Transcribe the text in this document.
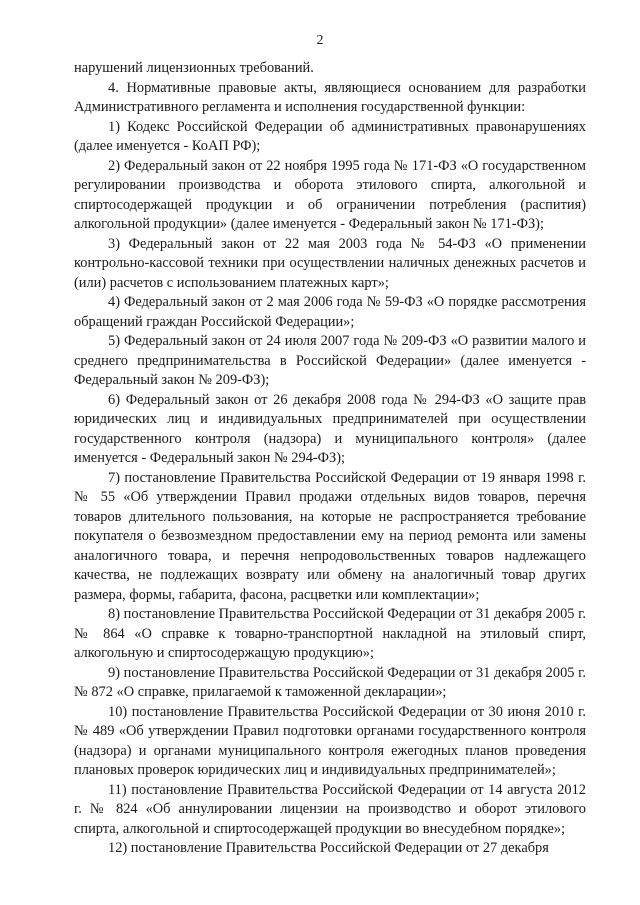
2

нарушений лицензионных требований.

4. Нормативные правовые акты, являющиеся основанием для разработки Административного регламента и исполнения государственной функции:

1) Кодекс Российской Федерации об административных правонарушениях (далее именуется - КоАП РФ);

2) Федеральный закон от 22 ноября 1995 года № 171-ФЗ «О государственном регулировании производства и оборота этилового спирта, алкогольной и спиртосодержащей продукции и об ограничении потребления (распития) алкогольной продукции» (далее именуется - Федеральный закон № 171-ФЗ);

3) Федеральный закон от 22 мая 2003 года № 54-ФЗ «О применении контрольно-кассовой техники при осуществлении наличных денежных расчетов и (или) расчетов с использованием платежных карт»;

4) Федеральный закон от 2 мая 2006 года № 59-ФЗ «О порядке рассмотрения обращений граждан Российской Федерации»;

5) Федеральный закон от 24 июля 2007 года № 209-ФЗ «О развитии малого и среднего предпринимательства в Российской Федерации» (далее именуется - Федеральный закон № 209-ФЗ);

6) Федеральный закон от 26 декабря 2008 года № 294-ФЗ «О защите прав юридических лиц и индивидуальных предпринимателей при осуществлении государственного контроля (надзора) и муниципального контроля» (далее именуется - Федеральный закон № 294-ФЗ);

7) постановление Правительства Российской Федерации от 19 января 1998 г. № 55 «Об утверждении Правил продажи отдельных видов товаров, перечня товаров длительного пользования, на которые не распространяется требование покупателя о безвозмездном предоставлении ему на период ремонта или замены аналогичного товара, и перечня непродовольственных товаров надлежащего качества, не подлежащих возврату или обмену на аналогичный товар других размера, формы, габарита, фасона, расцветки или комплектации»;

8) постановление Правительства Российской Федерации от 31 декабря 2005 г. № 864 «О справке к товарно-транспортной накладной на этиловый спирт, алкогольную и спиртосодержащую продукцию»;

9) постановление Правительства Российской Федерации от 31 декабря 2005 г. № 872 «О справке, прилагаемой к таможенной декларации»;

10) постановление Правительства Российской Федерации от 30 июня 2010 г. № 489 «Об утверждении Правил подготовки органами государственного контроля (надзора) и органами муниципального контроля ежегодных планов проведения плановых проверок юридических лиц и индивидуальных предпринимателей»;

11) постановление Правительства Российской Федерации от 14 августа 2012 г. № 824 «Об аннулировании лицензии на производство и оборот этилового спирта, алкогольной и спиртосодержащей продукции во внесудебном порядке»;

12) постановление Правительства Российской Федерации от 27 декабря
